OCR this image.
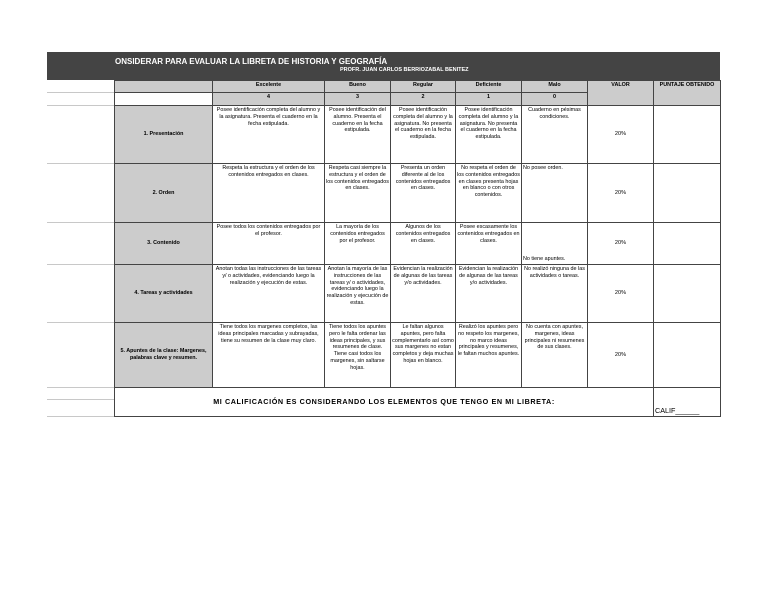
ONSIDERAR PARA EVALUAR LA LIBRETA DE HISTORIA Y GEOGRAFÍA
PROFR. JUAN CARLOS BERRIOZABAL BENITEZ
	Excelente	Bueno	Regular	Deficiente	Malo	VALOR	PUNTAJE OBTENIDO
	4	3	2	1	0		
1. Presentación	Posee identificación completa del alumno y la asignatura. Presenta el cuaderno en la fecha estipulada.	Posee identificación del alumno. Presenta el cuaderno en la fecha estipulada.	Posee identificación completa del alumno y la asignatura. No presenta el cuaderno en la fecha estipulada.	Posee identificación completa del alumno y la asignatura. No presenta el cuaderno en la fecha estipulada.	Cuaderno en pésimas condiciones.	20%	
2. Orden	Respeta la estructura y el orden de los contenidos entregados en clases.	Respeta casi siempre la estructura y el orden de los contenidos entregados en clases.	Presenta un orden diferente al de los contenidos entregados en clases.	No respeta el orden de los contenidos entregados en clases presenta hojas en blanco o con otros contenidos.	No posee orden.	20%	
3. Contenido	Posee todos los contenidos entregados por el profesor.	La mayoría de los contenidos entregados por el profesor.	Algunos de los contenidos entregados en clases.	Posee escasamente los contenidos entregados en clases.	No tiene apuntes.	20%	
4. Tareas y actividades	Anotan todas las instrucciones de las tareas y/ o actividades, evidenciando luego la realización y ejecución de estas.	Anotan la mayoría de las instrucciones de las tareas y/ o actividades, evidenciando luego la realización y ejecución de estas.	Evidencian la realización de algunas de las tareas y/o actividades.	Evidencian la realización de algunas de las tareas y/o actividades.	No realizó ninguna de las actividades o tareas.	20%	
5. Apuntes de la clase: Margenes, palabras clave y resumen.	Tiene todos los margenes completos, las ideas principales marcadas y subrayadas, tiene su resumen de la clase muy claro.	Tiene todos los apuntes pero le falta ordenar las ideas principales, y sus resumenes de clase. Tiene casi todos los margenes, sin saltarse hojas.	Le faltan algunos apuntes, pero falta complementarlo así como sus margenes no estan completos y deja muchas hojas en blanco.	Realizó los apuntes pero no respeto los margenes, no marco ideas principales y resumenes, le faltan muchos apuntes.	No cuenta con apuntes, margenes, ideas principales ni resumenes de sus clases.	20%	
MI CALIFICACIÓN ES CONSIDERANDO LOS ELEMENTOS QUE TENGO EN MI LIBRETA:							CALIF______
